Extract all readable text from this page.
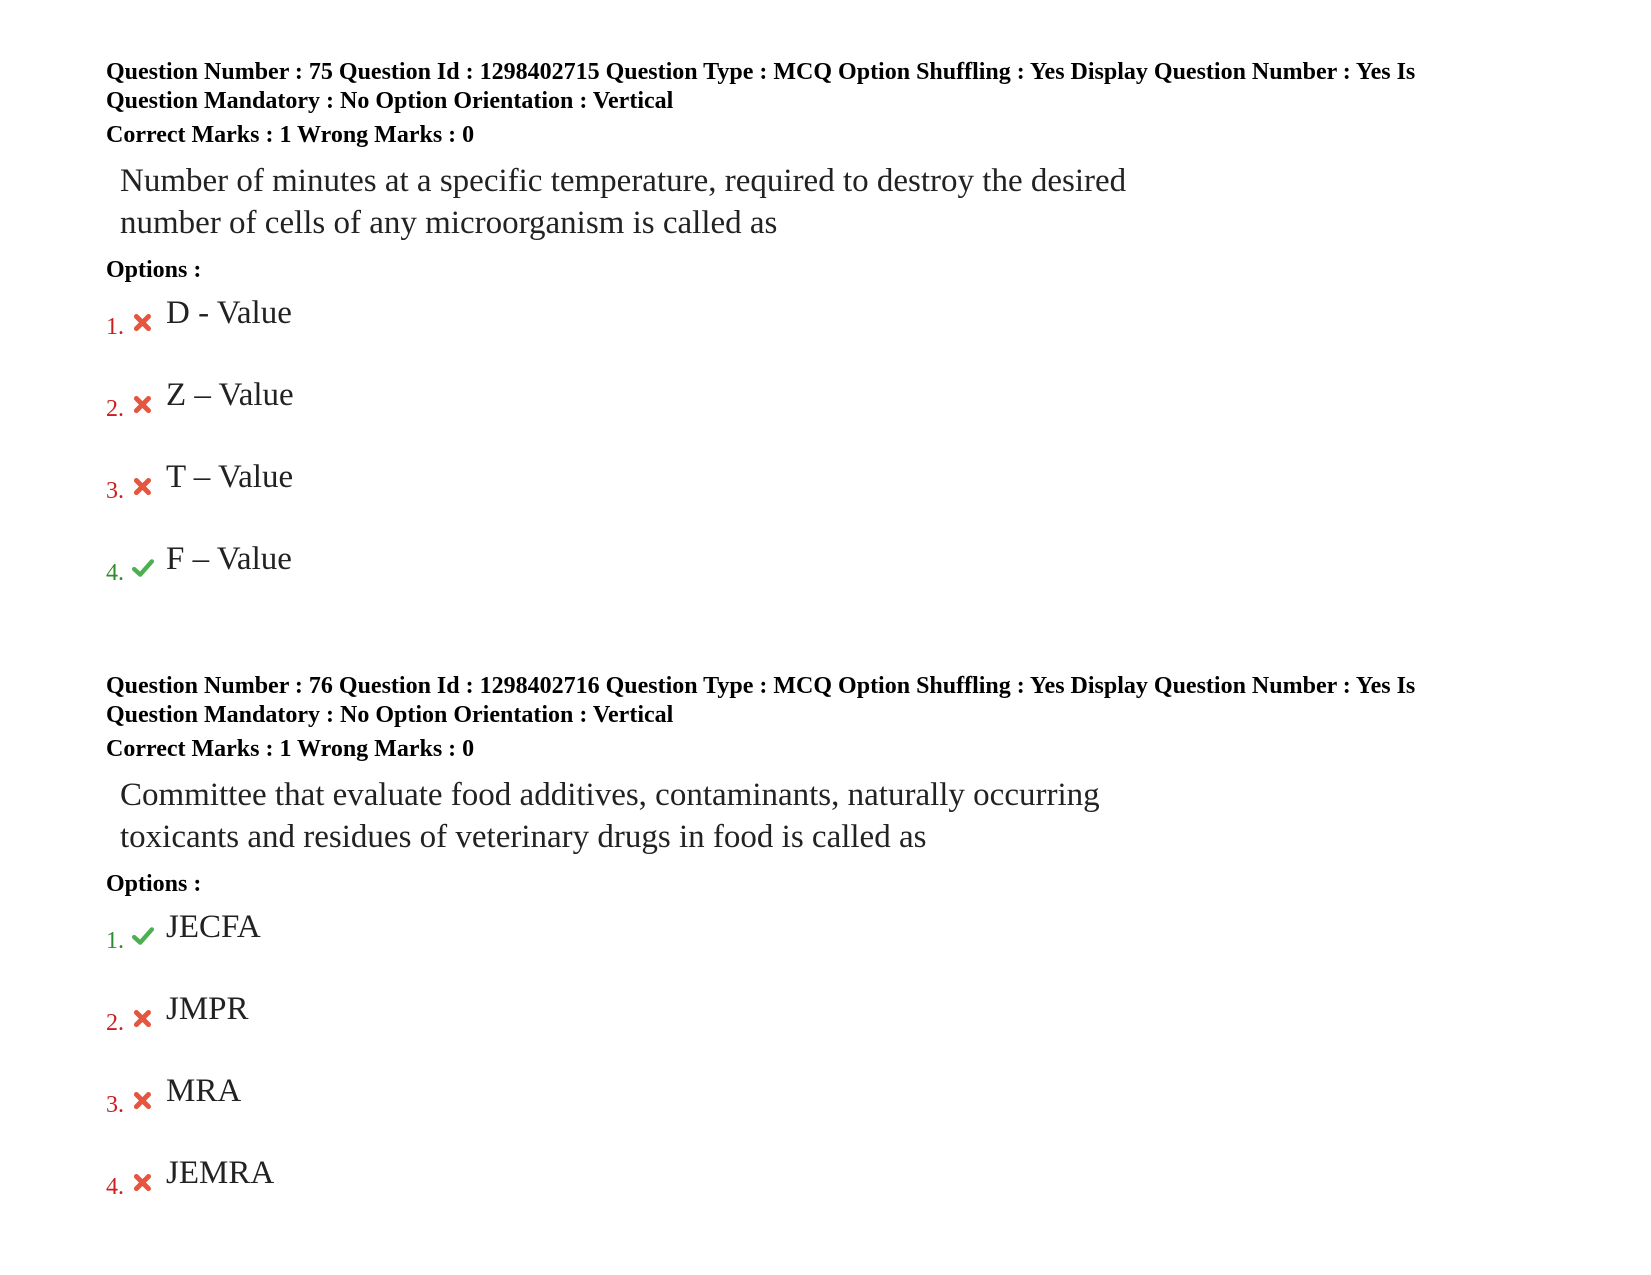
Question Number : 75 Question Id : 1298402715 Question Type : MCQ Option Shuffling : Yes Display Question Number : Yes Is Question Mandatory : No Option Orientation : Vertical

Correct Marks : 1 Wrong Marks : 0
Number of minutes at a specific temperature, required to destroy the desired
number of cells of any microorganism is called as
Options :
1. D - Value
2. Z – Value
3. T – Value
4. F – Value

Question Number : 76 Question Id : 1298402716 Question Type : MCQ Option Shuffling : Yes Display Question Number : Yes Is Question Mandatory : No Option Orientation : Vertical

Correct Marks : 1 Wrong Marks : 0
Committee that evaluate food additives, contaminants, naturally occurring
toxicants and residues of veterinary drugs in food is called as
Options :
1. JECFA
2. JMPR
3. MRA
4. JEMRA
